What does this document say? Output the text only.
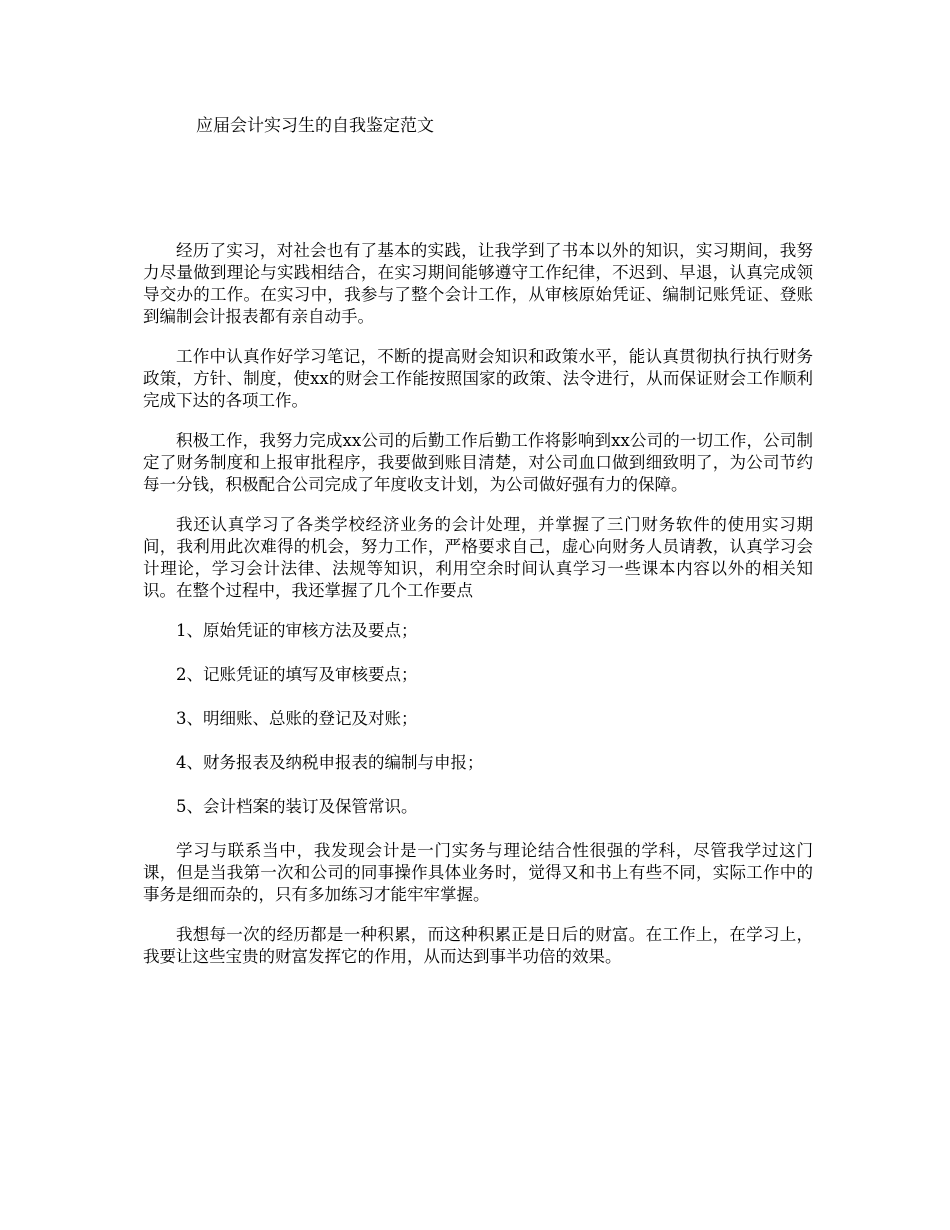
应届会计实习生的自我鉴定范文

经历了实习，对社会也有了基本的实践，让我学到了书本以外的知识，实习期间，我努力尽量做到理论与实践相结合，在实习期间能够遵守工作纪律，不迟到、早退，认真完成领导交办的工作。在实习中，我参与了整个会计工作，从审核原始凭证、编制记账凭证、登账到编制会计报表都有亲自动手。

工作中认真作好学习笔记，不断的提高财会知识和政策水平，能认真贯彻执行执行财务政策，方针、制度，使xx的财会工作能按照国家的政策、法令进行，从而保证财会工作顺利完成下达的各项工作。

积极工作，我努力完成xx公司的后勤工作后勤工作将影响到xx公司的一切工作，公司制定了财务制度和上报审批程序，我要做到账目清楚，对公司血口做到细致明了，为公司节约每一分钱，积极配合公司完成了年度收支计划，为公司做好强有力的保障。

我还认真学习了各类学校经济业务的会计处理，并掌握了三门财务软件的使用实习期间，我利用此次难得的机会，努力工作，严格要求自己，虚心向财务人员请教，认真学习会计理论，学习会计法律、法规等知识，利用空余时间认真学习一些课本内容以外的相关知识。在整个过程中，我还掌握了几个工作要点

1、原始凭证的审核方法及要点；

2、记账凭证的填写及审核要点；

3、明细账、总账的登记及对账；

4、财务报表及纳税申报表的编制与申报；

5、会计档案的装订及保管常识。

学习与联系当中，我发现会计是一门实务与理论结合性很强的学科，尽管我学过这门课，但是当我第一次和公司的同事操作具体业务时，觉得又和书上有些不同，实际工作中的事务是细而杂的，只有多加练习才能牢牢掌握。

我想每一次的经历都是一种积累，而这种积累正是日后的财富。在工作上，在学习上，我要让这些宝贵的财富发挥它的作用，从而达到事半功倍的效果。
